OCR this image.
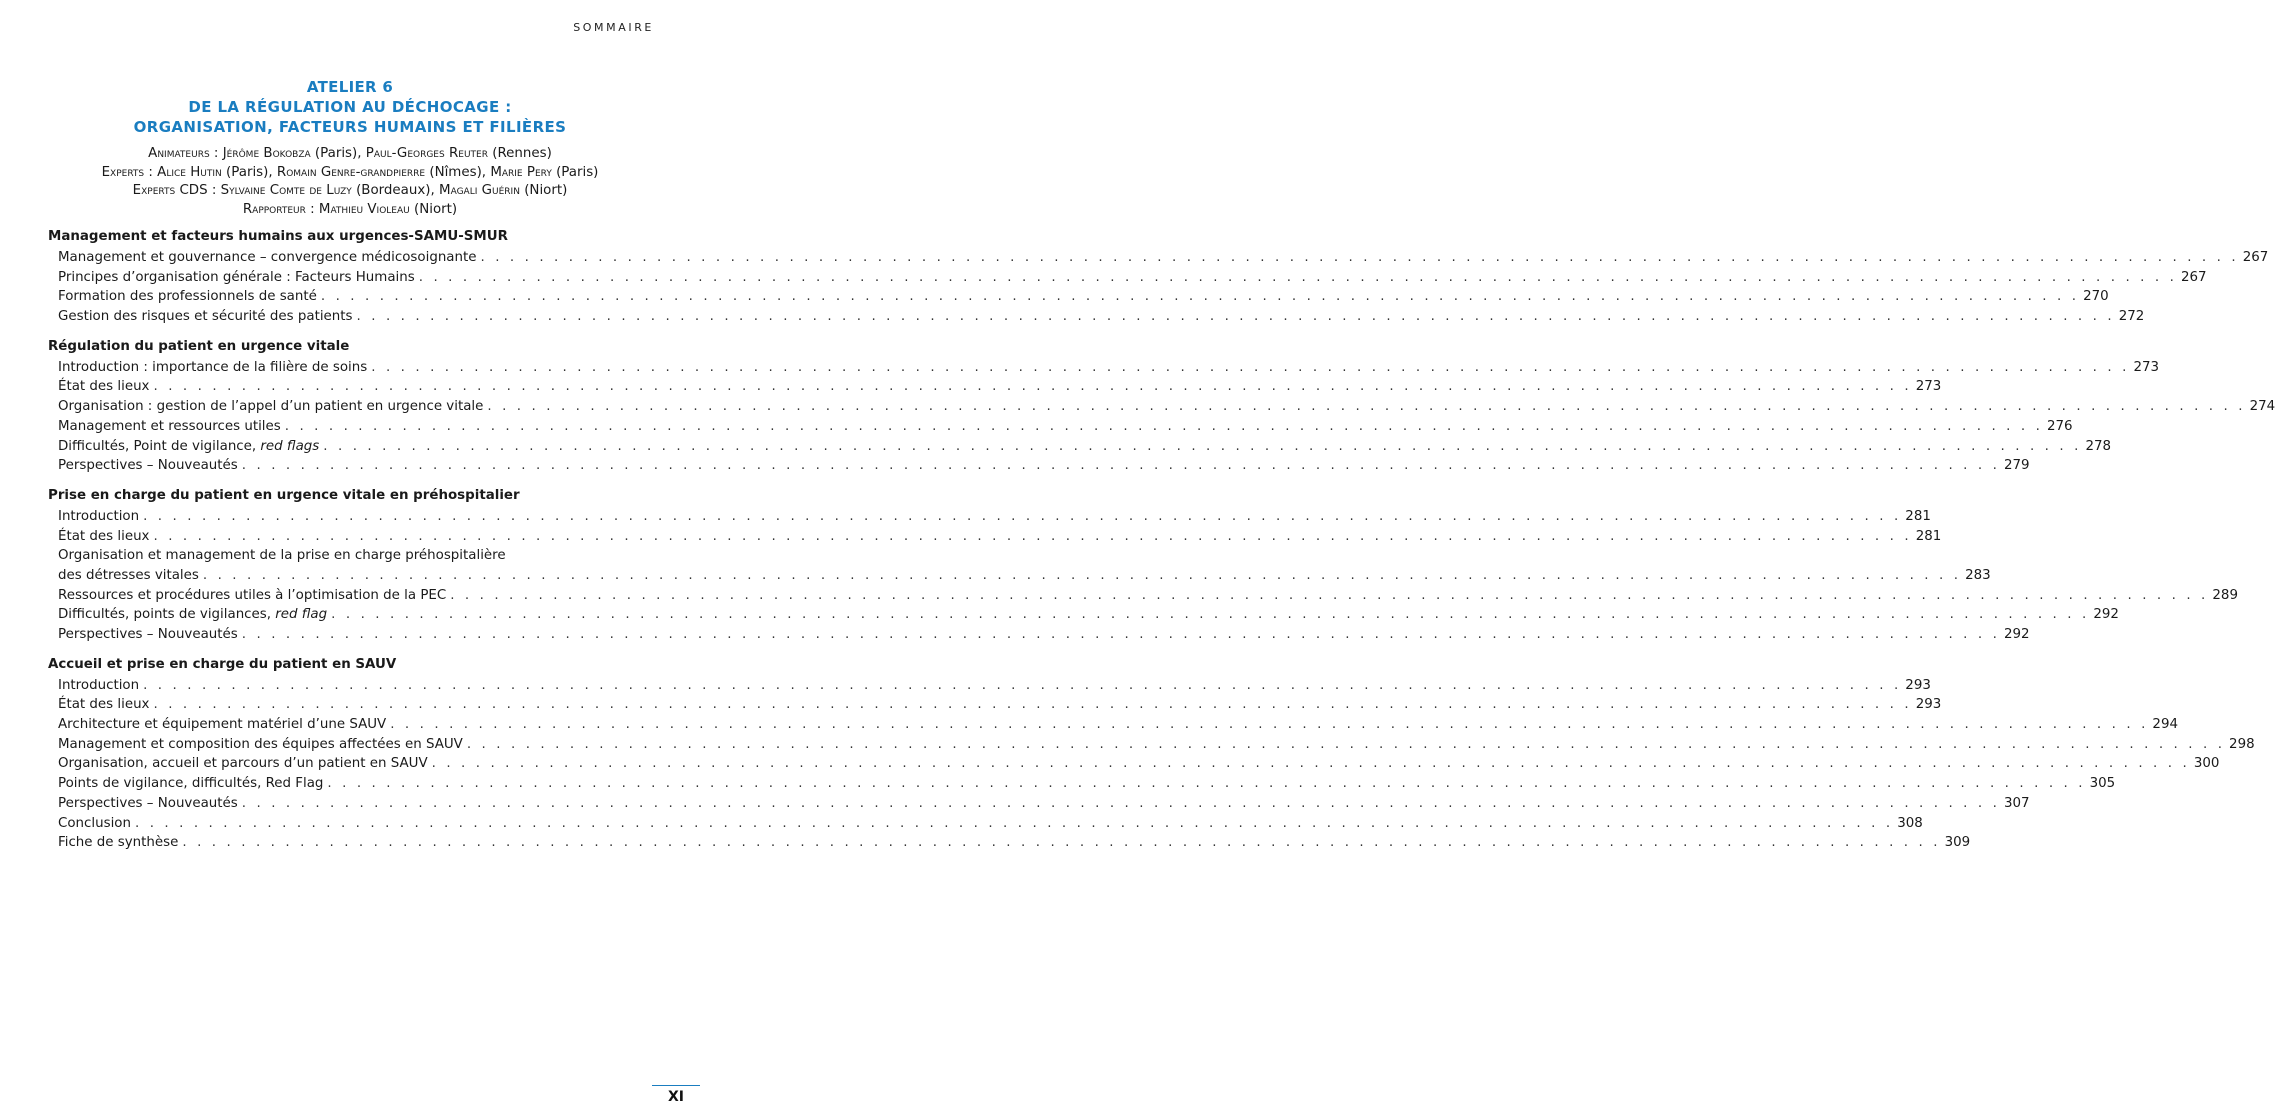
SOMMAIRE
ATELIER 6
DE LA RÉGULATION AU DÉCHOCAGE :
ORGANISATION, FACTEURS HUMAINS ET FILIÈRES
Animateurs : Jérôme Bokobza (Paris), Paul-Georges Reuter (Rennes)
Experts : Alice Hutin (Paris), Romain Genre-grandpierre (Nîmes), Marie Pery (Paris)
Experts CDS : Sylvaine Comte de Luzy (Bordeaux), Magali Guérin (Niort)
Rapporteur : Mathieu Violeau (Niort)
Management et facteurs humains aux urgences-SAMU-SMUR
Management et gouvernance – convergence médicosoignante . . . . . . . . . . . . . . . . . . . . . . . . . . . . . . . . . . . . . . . . . . . . . . . . . . . . . . . . . . . . . . . . . . . . . . . . . . . . . . . . . . . . . . . . . . . . . . . . . . . . . . . . . . . . . . . . . . . . . . . . 267
Principes d’organisation générale : Facteurs Humains . . . . . . . . . . . . . . . . . . . . . . . . . . . . . . . . . . . . . . . . . . . . . . . . . . . . . . . . . . . . . . . . . . . . . . . . . . . . . . . . . . . . . . . . . . . . . . . . . . . . . . . . . . . . . . . . . . . . . . . . 267
Formation des professionnels de santé . . . . . . . . . . . . . . . . . . . . . . . . . . . . . . . . . . . . . . . . . . . . . . . . . . . . . . . . . . . . . . . . . . . . . . . . . . . . . . . . . . . . . . . . . . . . . . . . . . . . . . . . . . . . . . . . . . . . . . . . 270
Gestion des risques et sécurité des patients . . . . . . . . . . . . . . . . . . . . . . . . . . . . . . . . . . . . . . . . . . . . . . . . . . . . . . . . . . . . . . . . . . . . . . . . . . . . . . . . . . . . . . . . . . . . . . . . . . . . . . . . . . . . . . . . . . . . . . . . 272
Régulation du patient en urgence vitale
Introduction : importance de la filière de soins . . . . . . . . . . . . . . . . . . . . . . . . . . . . . . . . . . . . . . . . . . . . . . . . . . . . . . . . . . . . . . . . . . . . . . . . . . . . . . . . . . . . . . . . . . . . . . . . . . . . . . . . . . . . . . . . . . . . . . . . 273
État des lieux . . . . . . . . . . . . . . . . . . . . . . . . . . . . . . . . . . . . . . . . . . . . . . . . . . . . . . . . . . . . . . . . . . . . . . . . . . . . . . . . . . . . . . . . . . . . . . . . . . . . . . . . . . . . . . . . . . . . . . . . 273
Organisation : gestion de l’appel d’un patient en urgence vitale . . . . . . . . . . . . . . . . . . . . . . . . . . . . . . . . . . . . . . . . . . . . . . . . . . . . . . . . . . . . . . . . . . . . . . . . . . . . . . . . . . . . . . . . . . . . . . . . . . . . . . . . . . . . . . . . . . . . . . . . 274
Management et ressources utiles . . . . . . . . . . . . . . . . . . . . . . . . . . . . . . . . . . . . . . . . . . . . . . . . . . . . . . . . . . . . . . . . . . . . . . . . . . . . . . . . . . . . . . . . . . . . . . . . . . . . . . . . . . . . . . . . . . . . . . . . 276
Difficultés, Point de vigilance, red flags . . . . . . . . . . . . . . . . . . . . . . . . . . . . . . . . . . . . . . . . . . . . . . . . . . . . . . . . . . . . . . . . . . . . . . . . . . . . . . . . . . . . . . . . . . . . . . . . . . . . . . . . . . . . . . . . . . . . . . . . 278
Perspectives – Nouveautés . . . . . . . . . . . . . . . . . . . . . . . . . . . . . . . . . . . . . . . . . . . . . . . . . . . . . . . . . . . . . . . . . . . . . . . . . . . . . . . . . . . . . . . . . . . . . . . . . . . . . . . . . . . . . . . . . . . . . . . . 279
Prise en charge du patient en urgence vitale en préhospitalier
Introduction . . . . . . . . . . . . . . . . . . . . . . . . . . . . . . . . . . . . . . . . . . . . . . . . . . . . . . . . . . . . . . . . . . . . . . . . . . . . . . . . . . . . . . . . . . . . . . . . . . . . . . . . . . . . . . . . . . . . . . . . 281
État des lieux . . . . . . . . . . . . . . . . . . . . . . . . . . . . . . . . . . . . . . . . . . . . . . . . . . . . . . . . . . . . . . . . . . . . . . . . . . . . . . . . . . . . . . . . . . . . . . . . . . . . . . . . . . . . . . . . . . . . . . . . 281
Organisation et management de la prise en charge préhospitalière
des détresses vitales . . . . . . . . . . . . . . . . . . . . . . . . . . . . . . . . . . . . . . . . . . . . . . . . . . . . . . . . . . . . . . . . . . . . . . . . . . . . . . . . . . . . . . . . . . . . . . . . . . . . . . . . . . . . . . . . . . . . . . . . 283
Ressources et procédures utiles à l’optimisation de la PEC . . . . . . . . . . . . . . . . . . . . . . . . . . . . . . . . . . . . . . . . . . . . . . . . . . . . . . . . . . . . . . . . . . . . . . . . . . . . . . . . . . . . . . . . . . . . . . . . . . . . . . . . . . . . . . . . . . . . . . . . 289
Difficultés, points de vigilances, red flag . . . . . . . . . . . . . . . . . . . . . . . . . . . . . . . . . . . . . . . . . . . . . . . . . . . . . . . . . . . . . . . . . . . . . . . . . . . . . . . . . . . . . . . . . . . . . . . . . . . . . . . . . . . . . . . . . . . . . . . . 292
Perspectives – Nouveautés . . . . . . . . . . . . . . . . . . . . . . . . . . . . . . . . . . . . . . . . . . . . . . . . . . . . . . . . . . . . . . . . . . . . . . . . . . . . . . . . . . . . . . . . . . . . . . . . . . . . . . . . . . . . . . . . . . . . . . . . 292
Accueil et prise en charge du patient en SAUV
Introduction . . . . . . . . . . . . . . . . . . . . . . . . . . . . . . . . . . . . . . . . . . . . . . . . . . . . . . . . . . . . . . . . . . . . . . . . . . . . . . . . . . . . . . . . . . . . . . . . . . . . . . . . . . . . . . . . . . . . . . . . 293
État des lieux . . . . . . . . . . . . . . . . . . . . . . . . . . . . . . . . . . . . . . . . . . . . . . . . . . . . . . . . . . . . . . . . . . . . . . . . . . . . . . . . . . . . . . . . . . . . . . . . . . . . . . . . . . . . . . . . . . . . . . . . 293
Architecture et équipement matériel d’une SAUV . . . . . . . . . . . . . . . . . . . . . . . . . . . . . . . . . . . . . . . . . . . . . . . . . . . . . . . . . . . . . . . . . . . . . . . . . . . . . . . . . . . . . . . . . . . . . . . . . . . . . . . . . . . . . . . . . . . . . . . . 294
Management et composition des équipes affectées en SAUV . . . . . . . . . . . . . . . . . . . . . . . . . . . . . . . . . . . . . . . . . . . . . . . . . . . . . . . . . . . . . . . . . . . . . . . . . . . . . . . . . . . . . . . . . . . . . . . . . . . . . . . . . . . . . . . . . . . . . . . . 298
Organisation, accueil et parcours d’un patient en SAUV . . . . . . . . . . . . . . . . . . . . . . . . . . . . . . . . . . . . . . . . . . . . . . . . . . . . . . . . . . . . . . . . . . . . . . . . . . . . . . . . . . . . . . . . . . . . . . . . . . . . . . . . . . . . . . . . . . . . . . . . 300
Points de vigilance, difficultés, Red Flag . . . . . . . . . . . . . . . . . . . . . . . . . . . . . . . . . . . . . . . . . . . . . . . . . . . . . . . . . . . . . . . . . . . . . . . . . . . . . . . . . . . . . . . . . . . . . . . . . . . . . . . . . . . . . . . . . . . . . . . . 305
Perspectives – Nouveautés . . . . . . . . . . . . . . . . . . . . . . . . . . . . . . . . . . . . . . . . . . . . . . . . . . . . . . . . . . . . . . . . . . . . . . . . . . . . . . . . . . . . . . . . . . . . . . . . . . . . . . . . . . . . . . . . . . . . . . . . 307
Conclusion . . . . . . . . . . . . . . . . . . . . . . . . . . . . . . . . . . . . . . . . . . . . . . . . . . . . . . . . . . . . . . . . . . . . . . . . . . . . . . . . . . . . . . . . . . . . . . . . . . . . . . . . . . . . . . . . . . . . . . . . 308
Fiche de synthèse . . . . . . . . . . . . . . . . . . . . . . . . . . . . . . . . . . . . . . . . . . . . . . . . . . . . . . . . . . . . . . . . . . . . . . . . . . . . . . . . . . . . . . . . . . . . . . . . . . . . . . . . . . . . . . . . . . . . . . . . 309
XI
